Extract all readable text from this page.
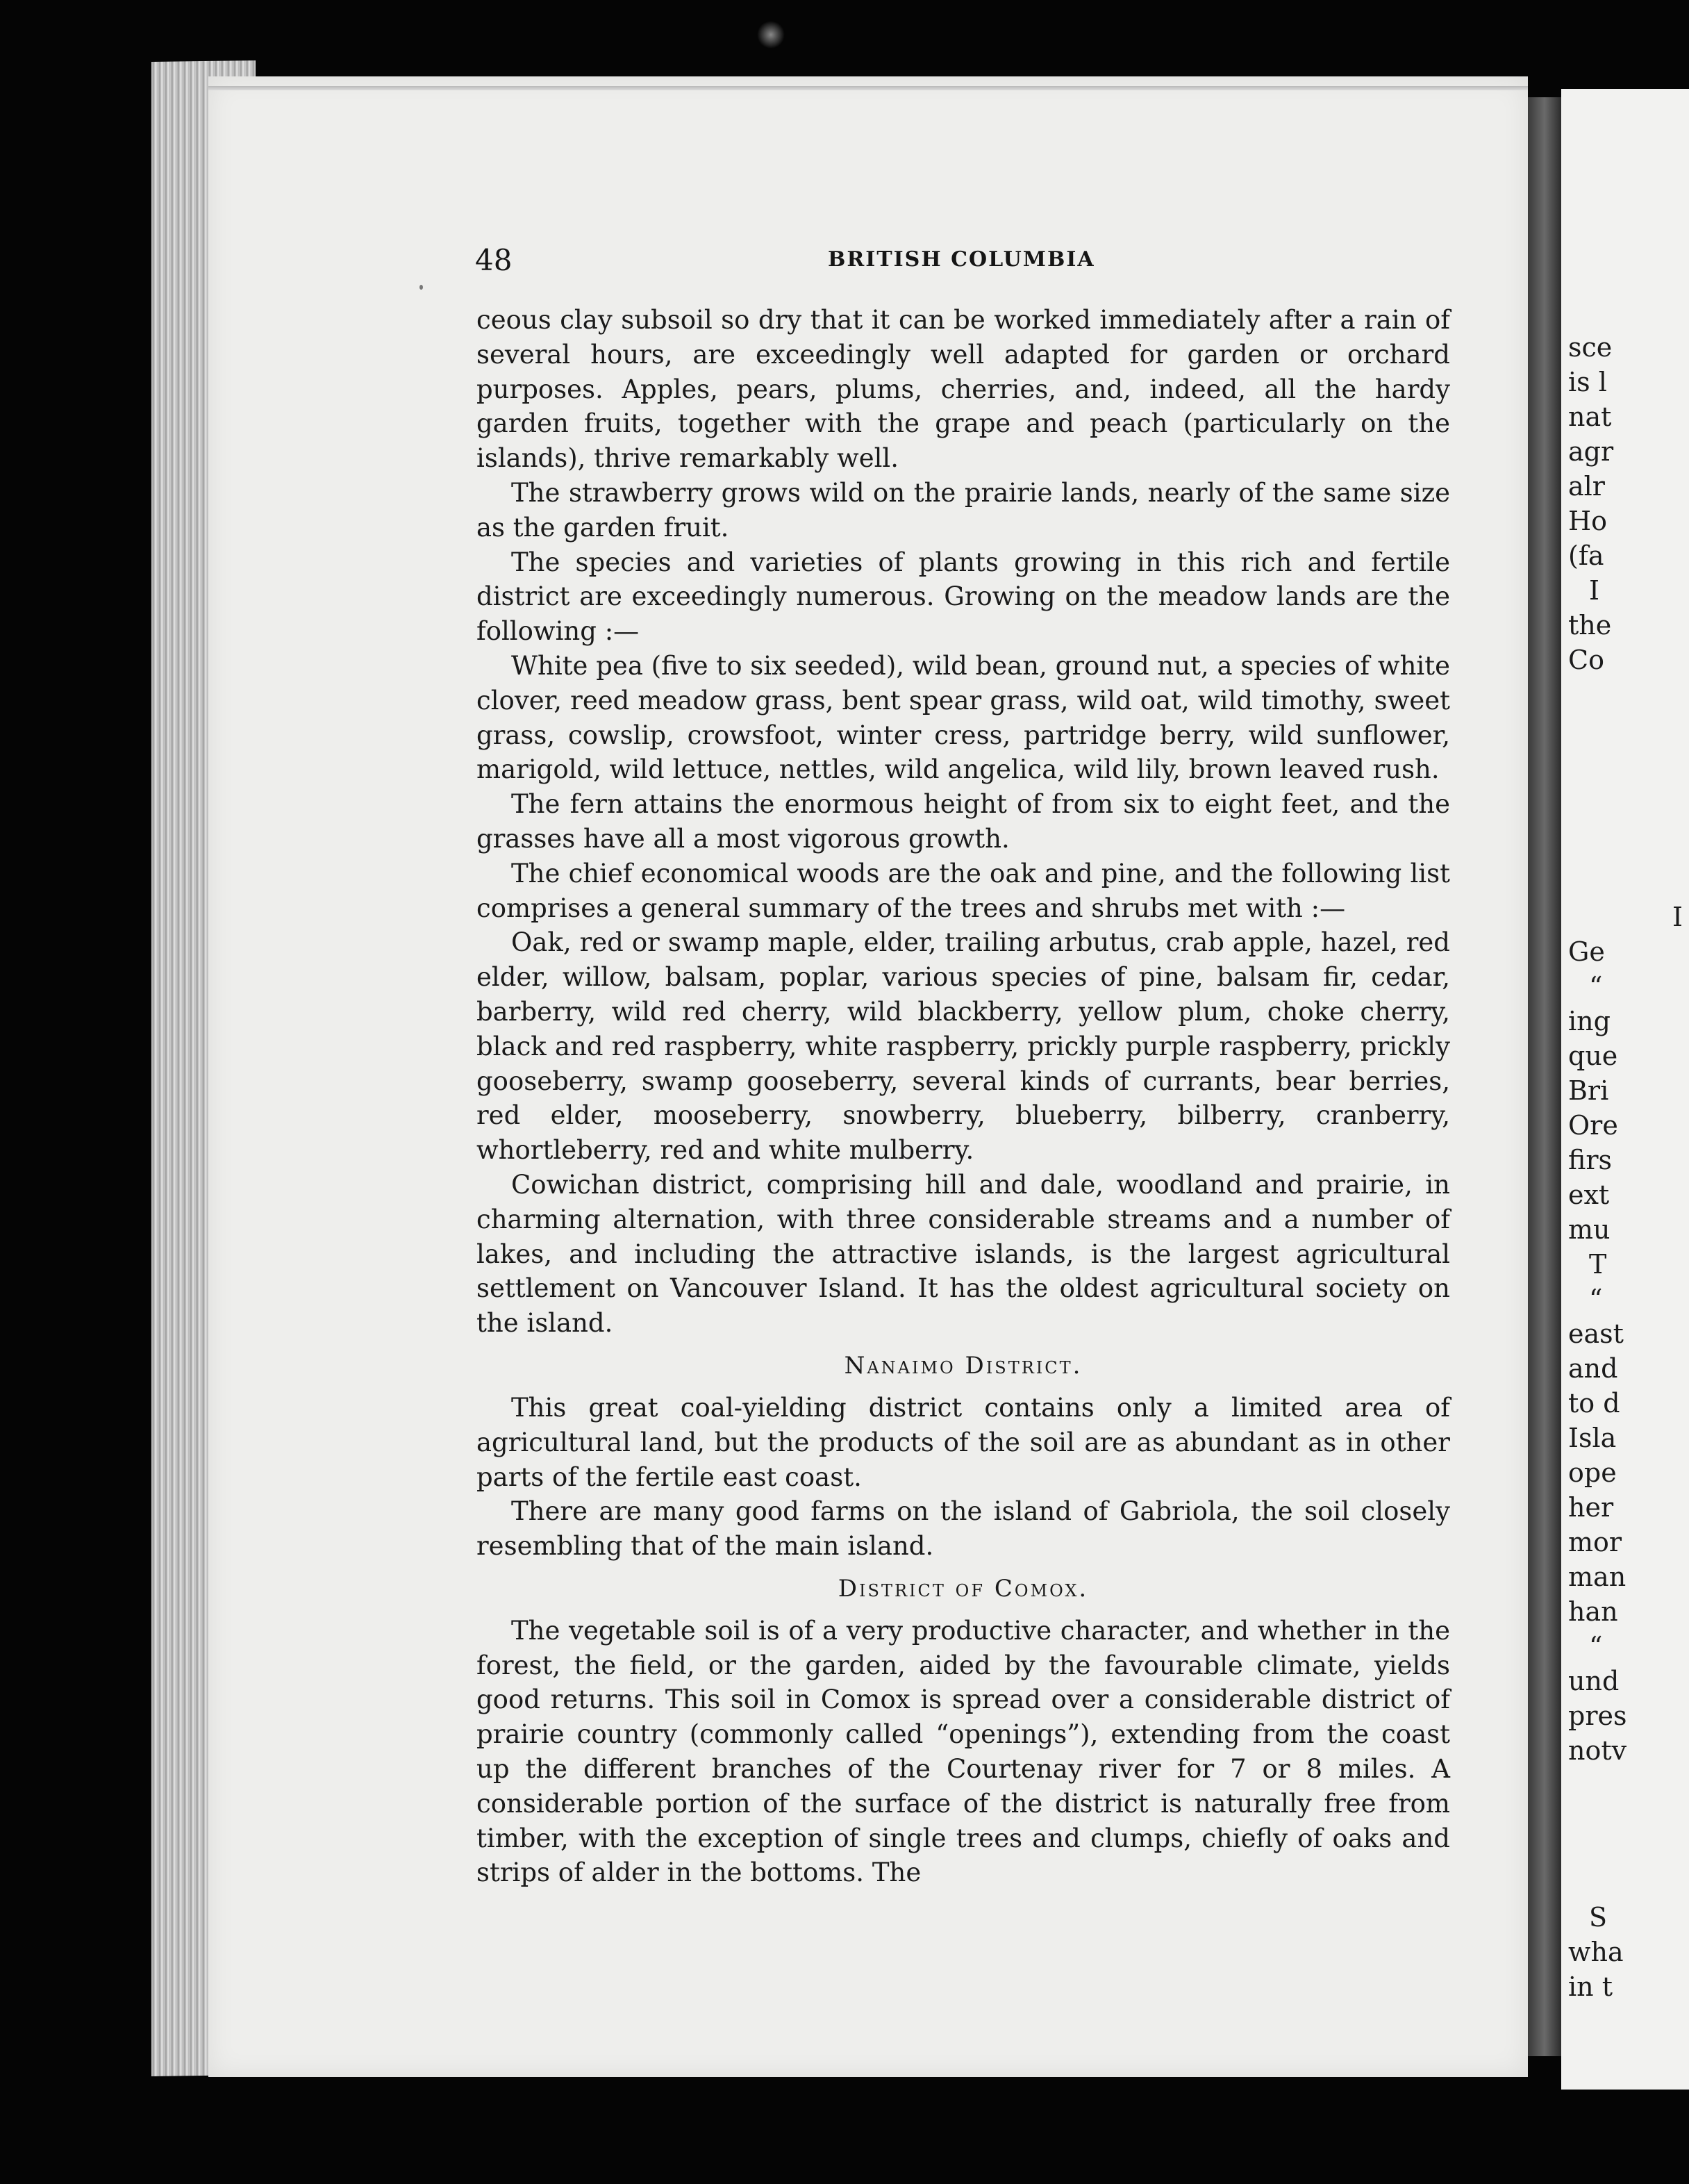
sce
is l
nat
agr
alr
Ho
(fa
I
the
Co
I
Ge
“
ing
que
Bri
Ore
firs
ext
mu
T
“
east
and
to d
Isla
ope
her
mor
man
han
“
und
pres
notv
S
wha
in t
48	BRITISH COLUMBIA

ceous clay subsoil so dry that it can be worked immediately after a rain of several hours, are exceedingly well adapted for garden or orchard purposes. Apples, pears, plums, cherries, and, indeed, all the hardy garden fruits, together with the grape and peach (particularly on the islands), thrive remarkably well.

The strawberry grows wild on the prairie lands, nearly of the same size as the garden fruit.

The species and varieties of plants growing in this rich and fertile district are exceedingly numerous. Growing on the meadow lands are the following :—

White pea (five to six seeded), wild bean, ground nut, a species of white clover, reed meadow grass, bent spear grass, wild oat, wild timothy, sweet grass, cowslip, crowsfoot, winter cress, partridge berry, wild sunflower, marigold, wild lettuce, nettles, wild angelica, wild lily, brown leaved rush.

The fern attains the enormous height of from six to eight feet, and the grasses have all a most vigorous growth.

The chief economical woods are the oak and pine, and the following list comprises a general summary of the trees and shrubs met with :—

Oak, red or swamp maple, elder, trailing arbutus, crab apple, hazel, red elder, willow, balsam, poplar, various species of pine, balsam fir, cedar, barberry, wild red cherry, wild blackberry, yellow plum, choke cherry, black and red raspberry, white raspberry, prickly purple raspberry, prickly gooseberry, swamp gooseberry, several kinds of currants, bear berries, red elder, mooseberry, snowberry, blueberry, bilberry, cranberry, whortleberry, red and white mulberry.

Cowichan district, comprising hill and dale, woodland and prairie, in charming alternation, with three considerable streams and a number of lakes, and including the attractive islands, is the largest agricultural settlement on Vancouver Island. It has the oldest agricultural society on the island.

Nanaimo District.

This great coal-yielding district contains only a limited area of agricultural land, but the products of the soil are as abundant as in other parts of the fertile east coast.

There are many good farms on the island of Gabriola, the soil closely resembling that of the main island.

District of Comox.

The vegetable soil is of a very productive character, and whether in the forest, the field, or the garden, aided by the favourable climate, yields good returns. This soil in Comox is spread over a considerable district of prairie country (commonly called “openings”), extending from the coast up the different branches of the Courtenay river for 7 or 8 miles. A considerable portion of the surface of the district is naturally free from timber, with the exception of single trees and clumps, chiefly of oaks and strips of alder in the bottoms. The
